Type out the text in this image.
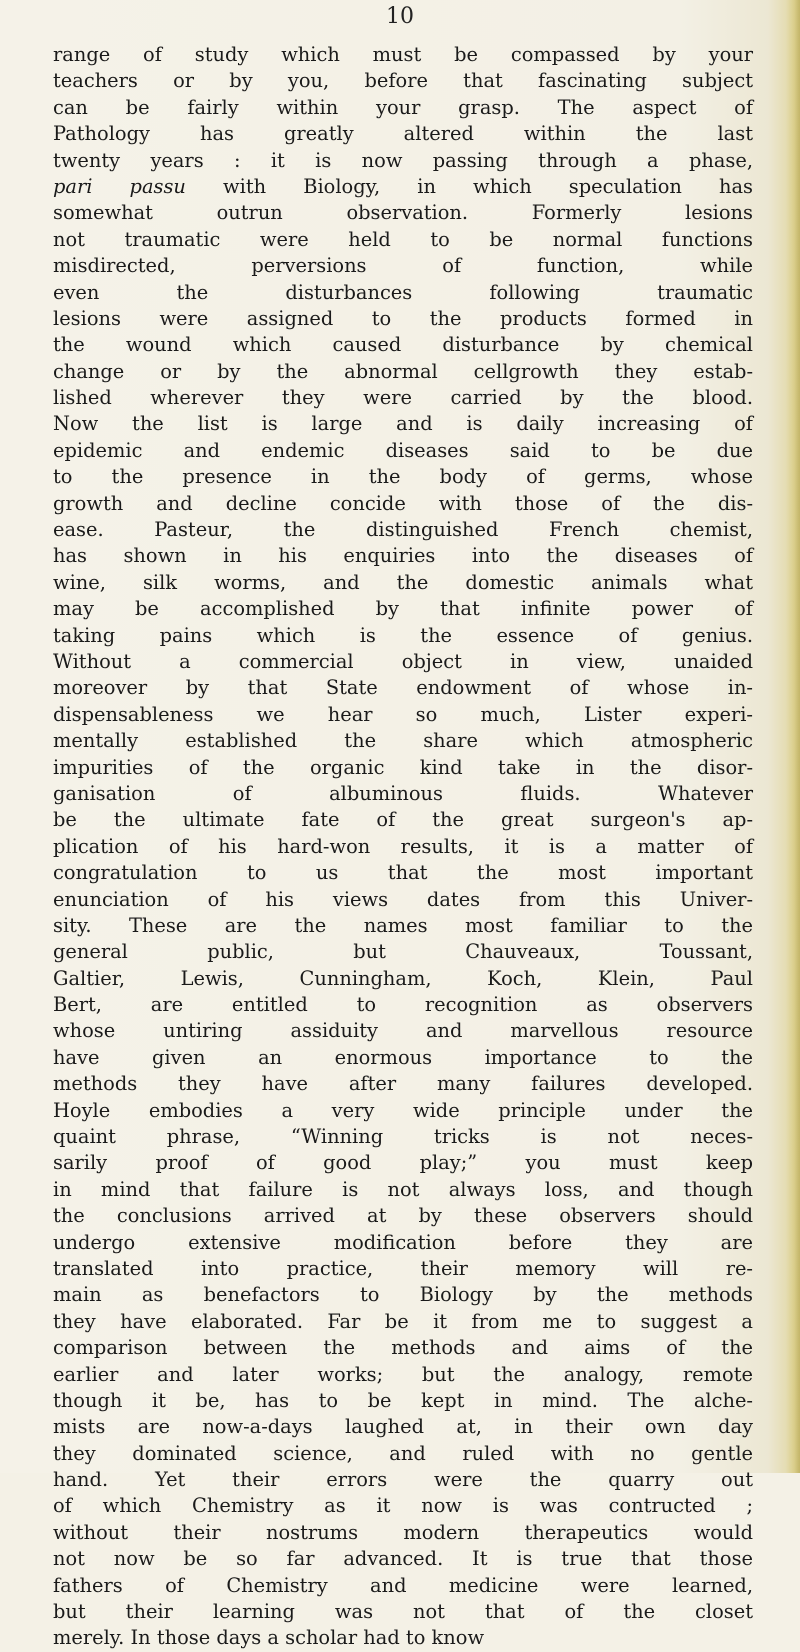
10
range of study which must be compassed by your
teachers or by you, before that fascinating subject
can be fairly within your grasp. The aspect of
Pathology has greatly altered within the last
twenty years : it is now passing through a phase,
pari passu with Biology, in which speculation has
somewhat outrun observation. Formerly lesions
not traumatic were held to be normal functions
misdirected, perversions of function, while
even the disturbances following traumatic
lesions were assigned to the products formed in
the wound which caused disturbance by chemical
change or by the abnormal cellgrowth they estab-
lished wherever they were carried by the blood.
Now the list is large and is daily increasing of
epidemic and endemic diseases said to be due
to the presence in the body of germs, whose
growth and decline concide with those of the dis-
ease. Pasteur, the distinguished French chemist,
has shown in his enquiries into the diseases of
wine, silk worms, and the domestic animals what
may be accomplished by that infinite power of
taking pains which is the essence of genius.
Without a commercial object in view, unaided
moreover by that State endowment of whose in-
dispensableness we hear so much, Lister experi-
mentally established the share which atmospheric
impurities of the organic kind take in the disor-
ganisation of albuminous fluids. Whatever
be the ultimate fate of the great surgeon's ap-
plication of his hard-won results, it is a matter of
congratulation to us that the most important
enunciation of his views dates from this Univer-
sity. These are the names most familiar to the
general public, but Chauveaux, Toussant,
Galtier, Lewis, Cunningham, Koch, Klein, Paul
Bert, are entitled to recognition as observers
whose untiring assiduity and marvellous resource
have given an enormous importance to the
methods they have after many failures developed.
Hoyle embodies a very wide principle under the
quaint phrase, “Winning tricks is not neces-
sarily proof of good play;” you must keep
in mind that failure is not always loss, and though
the conclusions arrived at by these observers should
undergo extensive modification before they are
translated into practice, their memory will re-
main as benefactors to Biology by the methods
they have elaborated. Far be it from me to suggest a
comparison between the methods and aims of the
earlier and later works; but the analogy, remote
though it be, has to be kept in mind. The alche-
mists are now-a-days laughed at, in their own day
they dominated science, and ruled with no gentle
hand. Yet their errors were the quarry out
of which Chemistry as it now is was contructed ;
without their nostrums modern therapeutics would
not now be so far advanced. It is true that those
fathers of Chemistry and medicine were learned,
but their learning was not that of the closet
merely. In those days a scholar had to know
